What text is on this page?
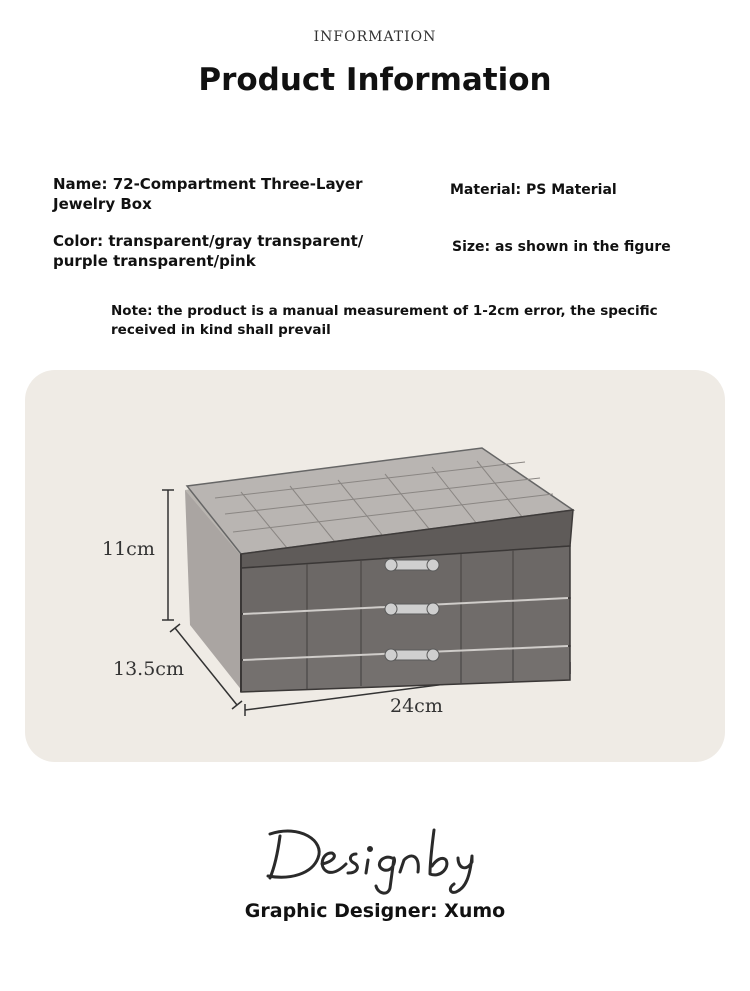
INFORMATION
Product Information
Name: 72-Compartment Three-Layer Jewelry Box
Color: transparent/gray transparent/ purple transparent/pink
Material: PS Material
Size: as shown in the figure
Note: the product is a manual measurement of 1-2cm error, the specific received in kind shall prevail
11cm
13.5cm
24cm
Graphic Designer: Xumo
